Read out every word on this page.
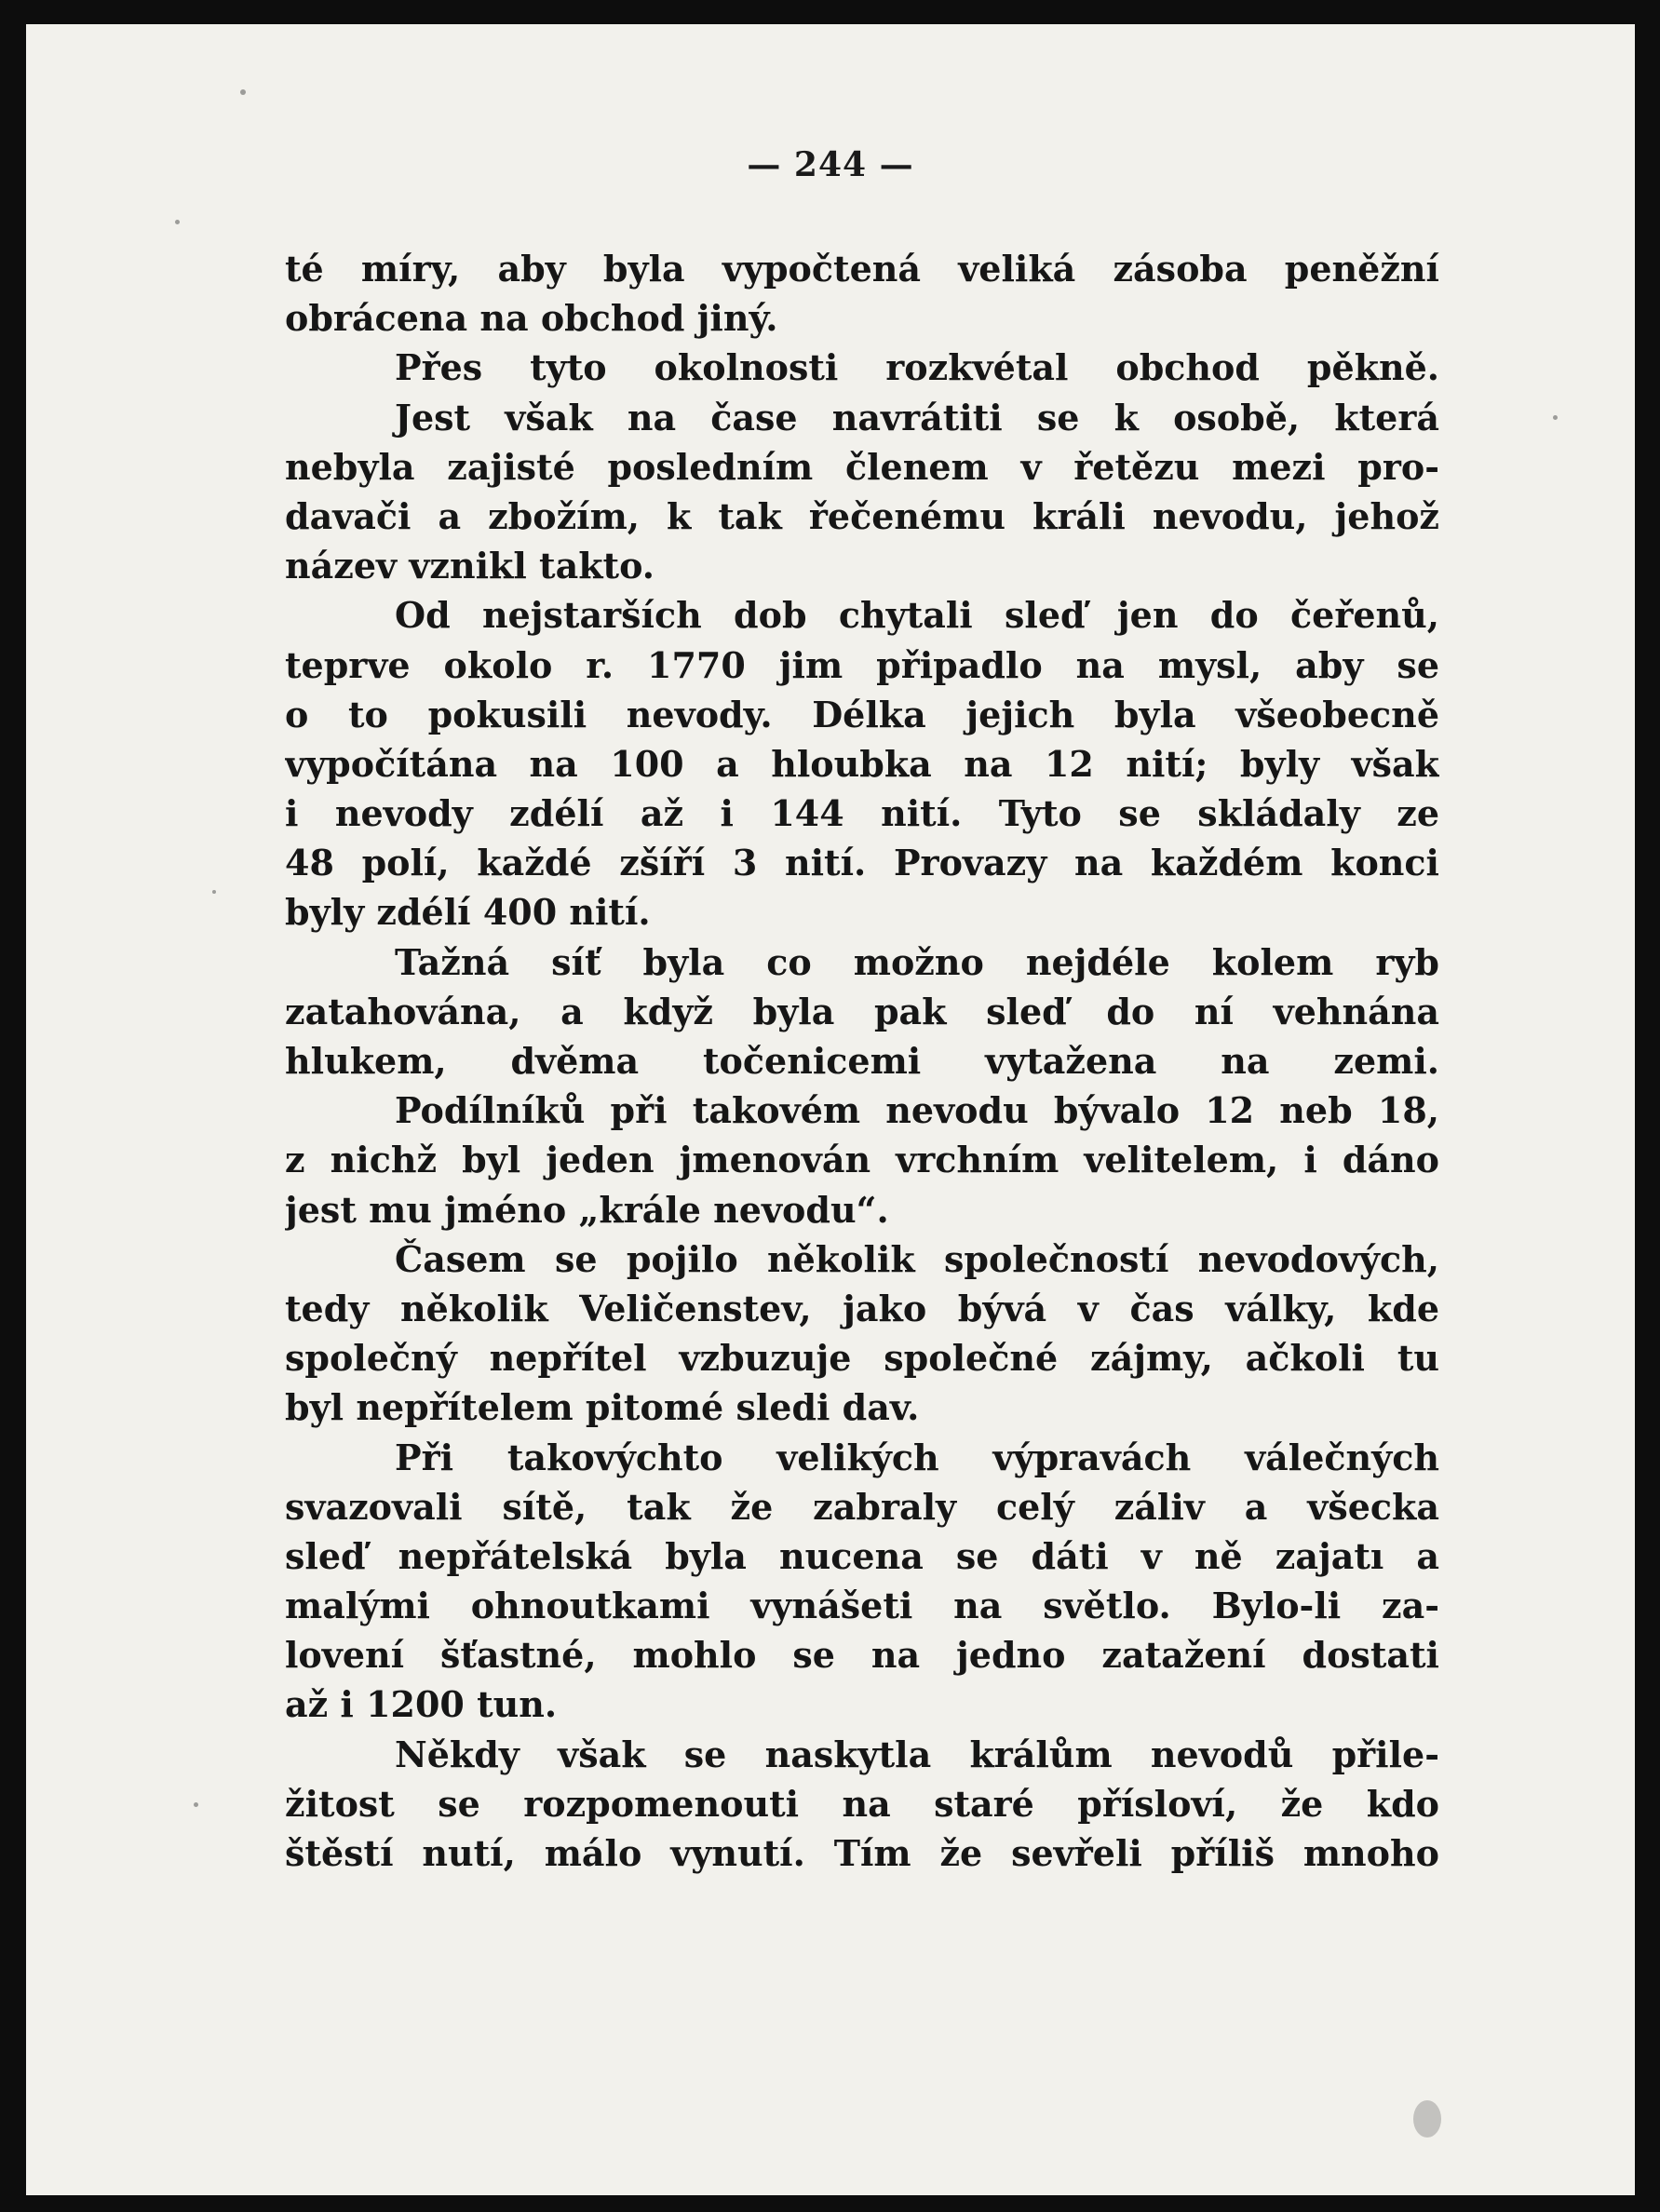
— 244 —
té míry, aby byla vypočtená veliká zásoba peněžní
obrácena na obchod jiný.
Přes tyto okolnosti rozkvétal obchod pěkně.
Jest však na čase navrátiti se k osobě, která
nebyla zajisté posledním členem v řetězu mezi pro-
davači a zbožím, k tak řečenému králi nevodu, jehož
název vznikl takto.
Od nejstarších dob chytali sleď jen do čeřenů,
teprve okolo r. 1770 jim připadlo na mysl, aby se
o to pokusili nevody. Délka jejich byla všeobecně
vypočítána na 100 a hloubka na 12 nití; byly však
i nevody zdélí až i 144 nití. Tyto se skládaly ze
48 polí, každé zšíří 3 nití. Provazy na každém konci
byly zdélí 400 nití.
Tažná síť byla co možno nejdéle kolem ryb
zatahována, a když byla pak sleď do ní vehnána
hlukem, dvěma točenicemi vytažena na zemi.
Podílníků při takovém nevodu bývalo 12 neb 18,
z nichž byl jeden jmenován vrchním velitelem, i dáno
jest mu jméno „krále nevodu“.
Časem se pojilo několik společností nevodových,
tedy několik Veličenstev, jako bývá v čas války, kde
společný nepřítel vzbuzuje společné zájmy, ačkoli tu
byl nepřítelem pitomé sledi dav.
Při takovýchto velikých výpravách válečných
svazovali sítě, tak že zabraly celý záliv a všecka
sleď nepřátelská byla nucena se dáti v ně zajatı a
malými ohnoutkami vynášeti na světlo. Bylo-li za-
lovení šťastné, mohlo se na jedno zatažení dostati
až i 1200 tun.
Někdy však se naskytla králům nevodů přile-
žitost se rozpomenouti na staré přísloví, že kdo
štěstí nutí, málo vynutí. Tím že sevřeli příliš mnoho
